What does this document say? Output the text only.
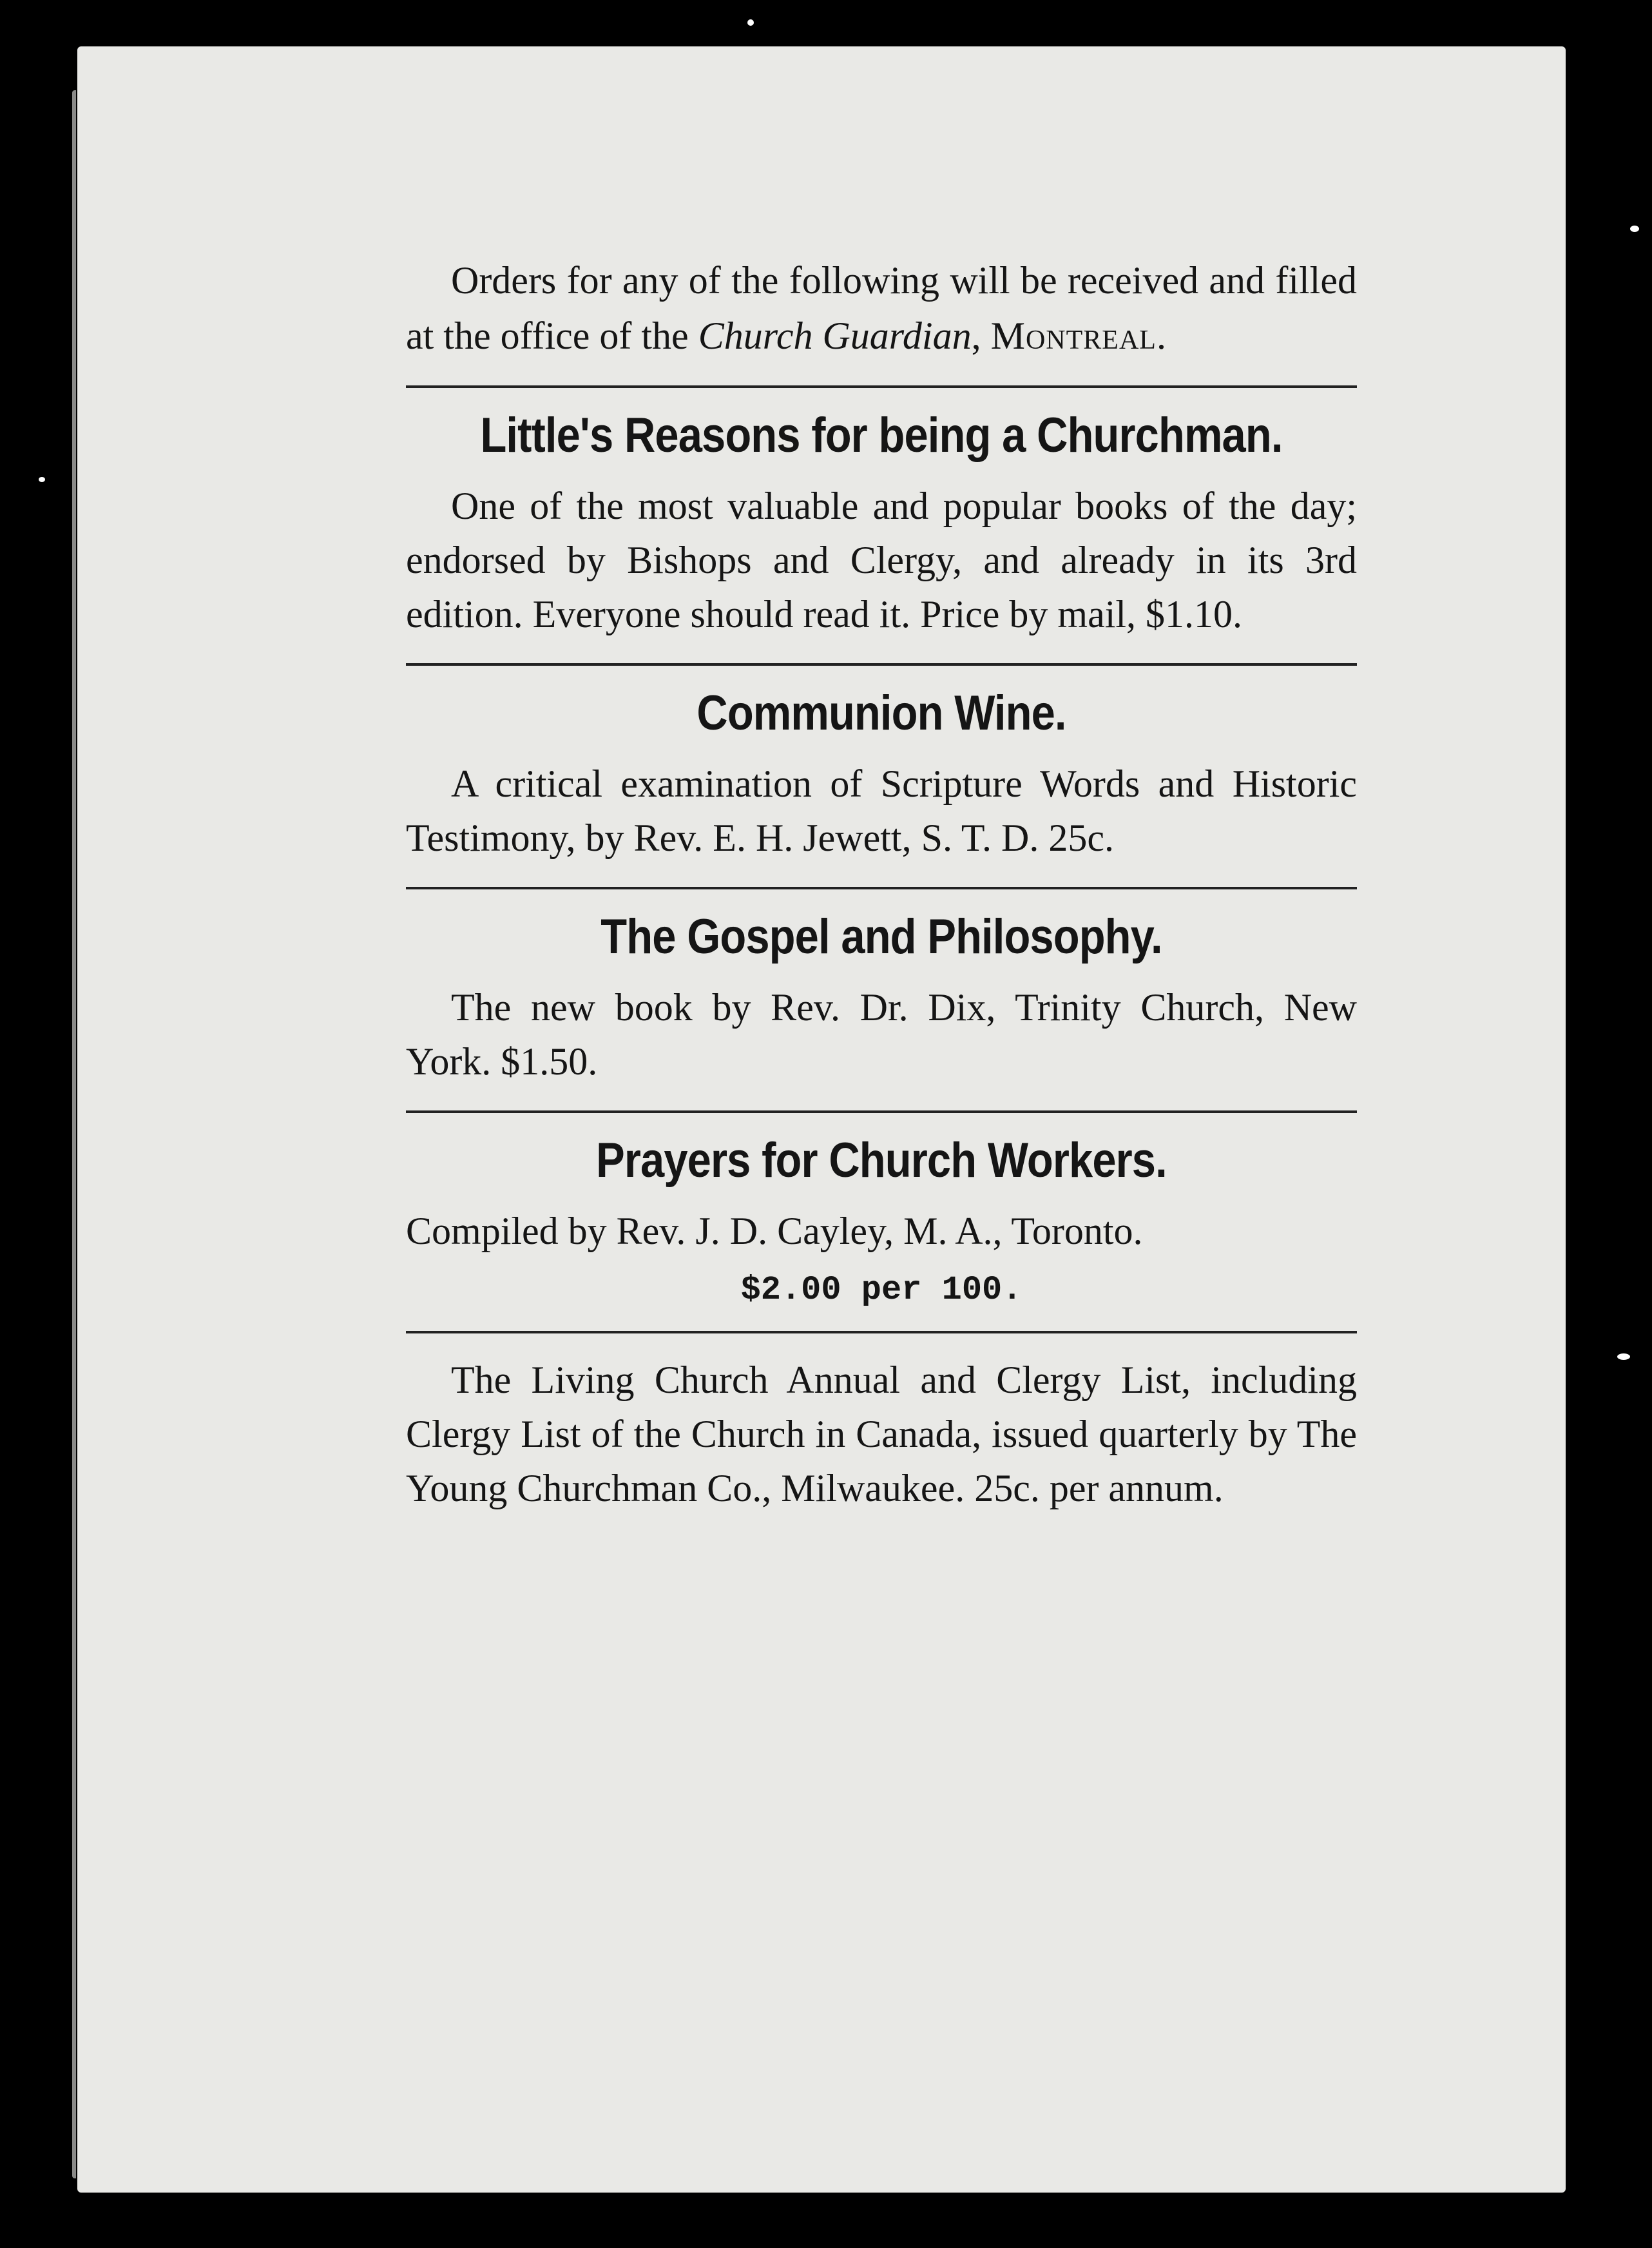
Orders for any of the following will be received and filled at the office of the Church Guardian, Montreal.

Little's Reasons for being a Churchman.

One of the most valuable and popular books of the day; endorsed by Bishops and Clergy, and already in its 3rd edition. Everyone should read it. Price by mail, $1.10.

Communion Wine.

A critical examination of Scripture Words and Historic Testimony, by Rev. E. H. Jewett, S. T. D. 25c.

The Gospel and Philosophy.

The new book by Rev. Dr. Dix, Trinity Church, New York. $1.50.

Prayers for Church Workers.

Compiled by Rev. J. D. Cayley, M. A., Toronto.

$2.00 per 100.

The Living Church Annual and Clergy List, including Clergy List of the Church in Canada, issued quarterly by The Young Churchman Co., Milwaukee. 25c. per annum.
